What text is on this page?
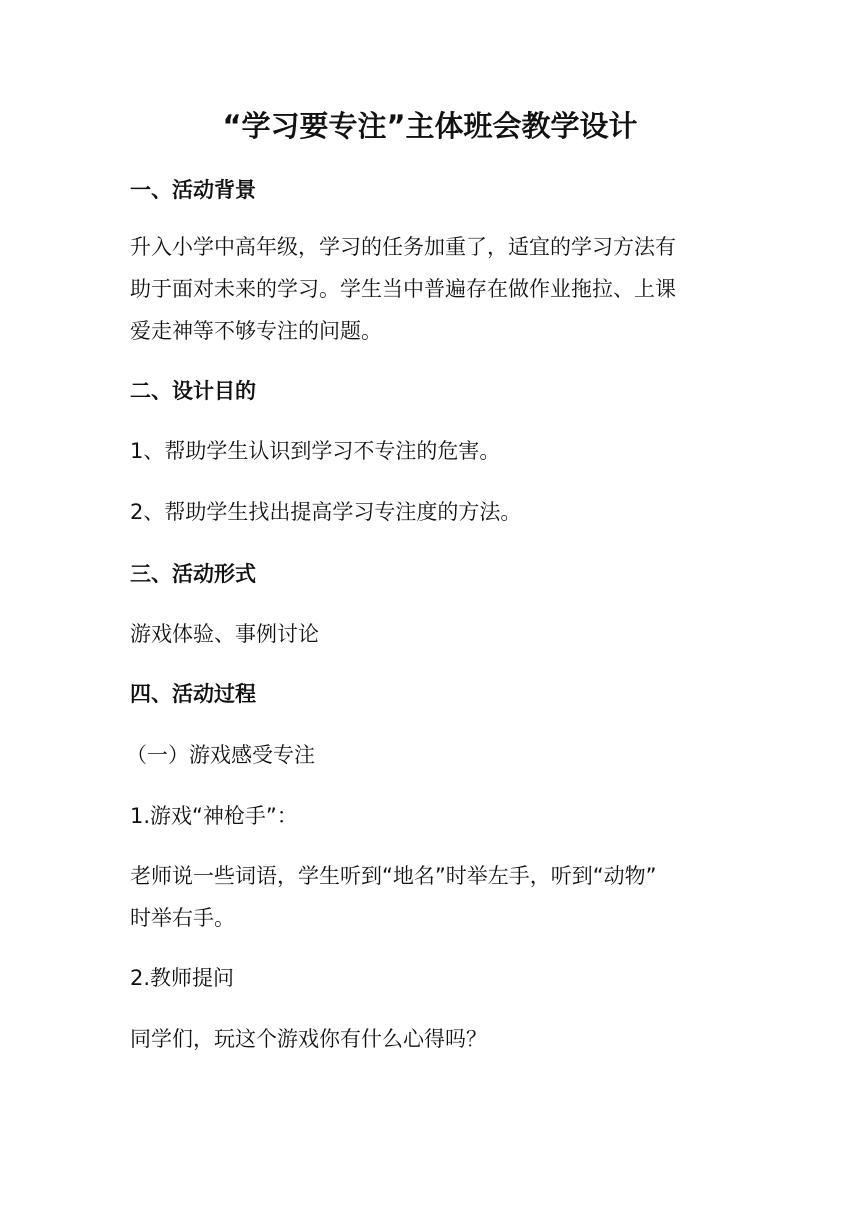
“学习要专注”主体班会教学设计
一、活动背景
升入小学中高年级，学习的任务加重了，适宜的学习方法有
助于面对未来的学习。学生当中普遍存在做作业拖拉、上课
爱走神等不够专注的问题。
二、设计目的
1、帮助学生认识到学习不专注的危害。
2、帮助学生找出提高学习专注度的方法。
三、活动形式
游戏体验、事例讨论
四、活动过程
（一）游戏感受专注
1.游戏“神枪手”：
老师说一些词语，学生听到“地名”时举左手，听到“动物”
时举右手。
2.教师提问
同学们，玩这个游戏你有什么心得吗？
